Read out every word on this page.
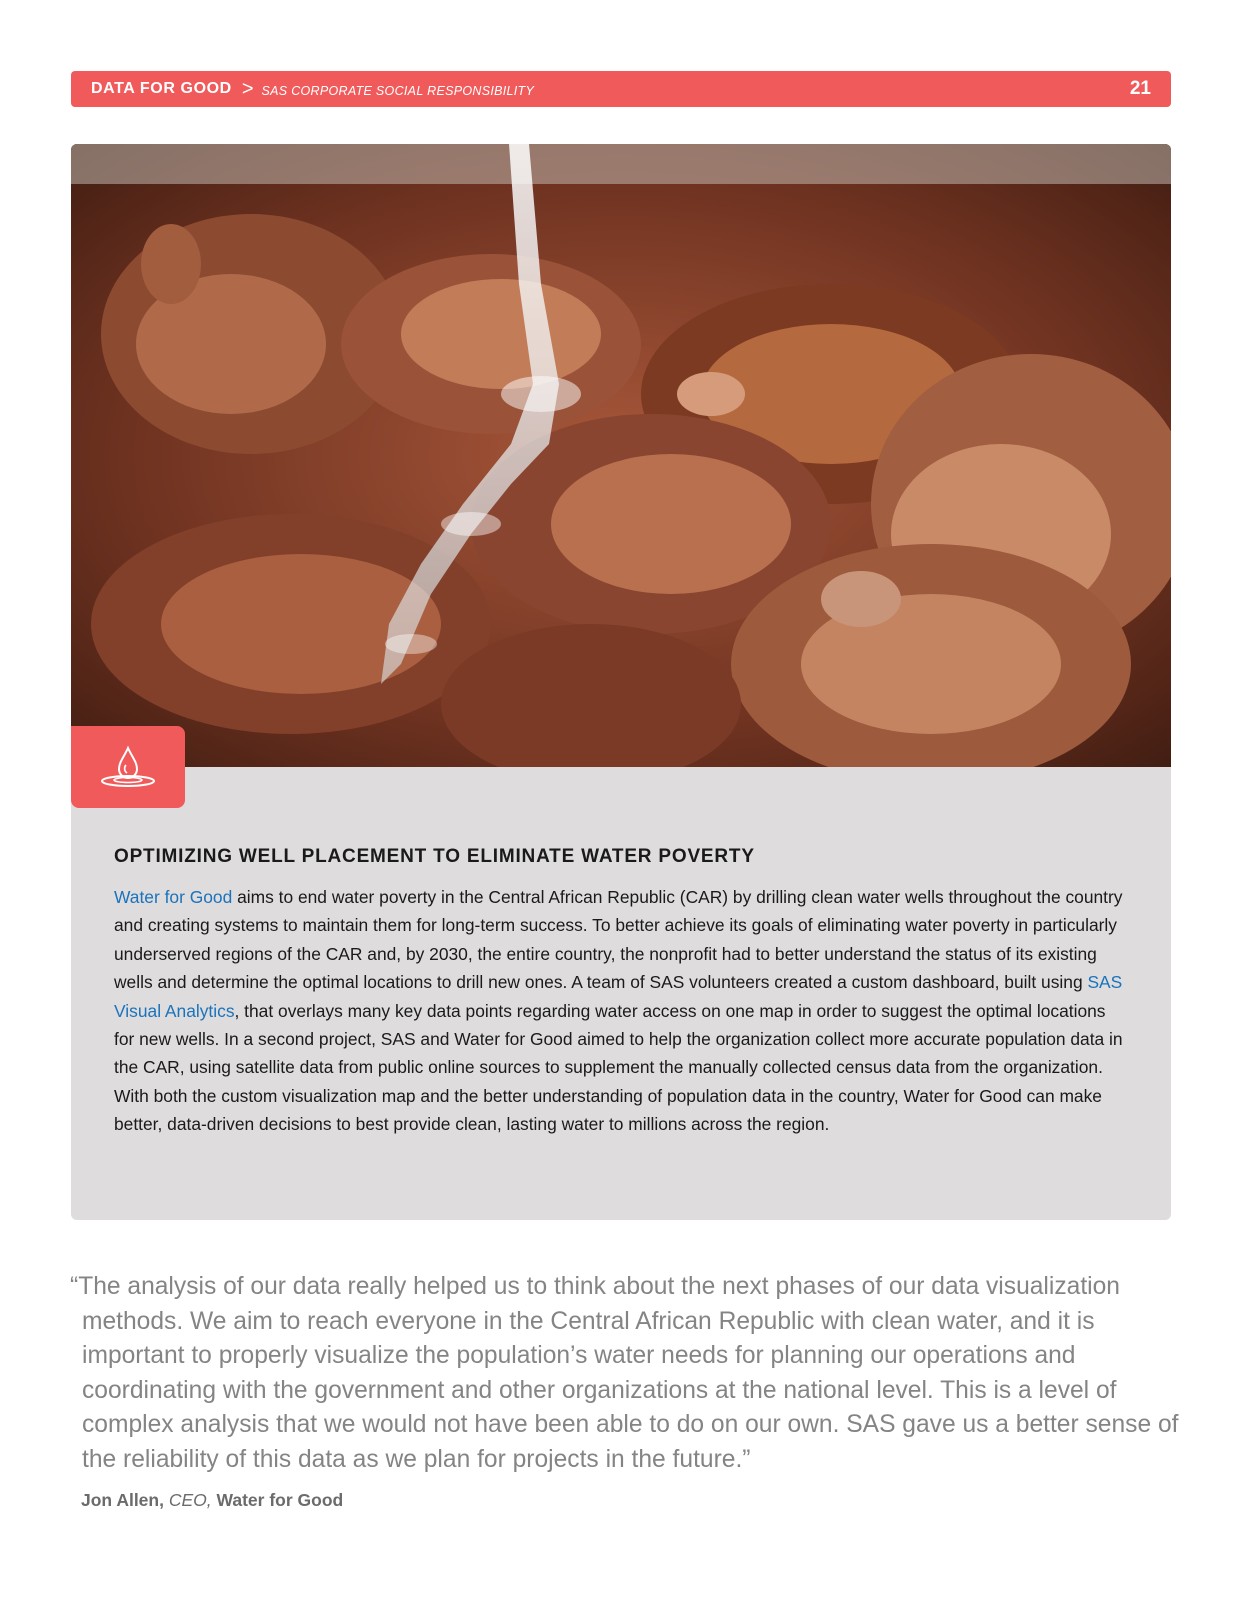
DATA FOR GOOD > SAS CORPORATE SOCIAL RESPONSIBILITY	21
OPTIMIZING WELL PLACEMENT TO ELIMINATE WATER POVERTY

Water for Good aims to end water poverty in the Central African Republic (CAR) by drilling clean water wells throughout the country and creating systems to maintain them for long-term success. To better achieve its goals of eliminating water poverty in particularly underserved regions of the CAR and, by 2030, the entire country, the nonprofit had to better understand the status of its existing wells and determine the optimal locations to drill new ones. A team of SAS volunteers created a custom dashboard, built using SAS Visual Analytics, that overlays many key data points regarding water access on one map in order to suggest the optimal locations for new wells. In a second project, SAS and Water for Good aimed to help the organization collect more accurate population data in the CAR, using satellite data from public online sources to supplement the manually collected census data from the organization. With both the custom visualization map and the better understanding of population data in the country, Water for Good can make better, data-driven decisions to best provide clean, lasting water to millions across the region.

“The analysis of our data really helped us to think about the next phases of our data visualization methods. We aim to reach everyone in the Central African Republic with clean water, and it is important to properly visualize the population’s water needs for planning our operations and coordinating with the government and other organizations at the national level. This is a level of complex analysis that we would not have been able to do on our own. SAS gave us a better sense of the reliability of this data as we plan for projects in the future.”

Jon Allen, CEO, Water for Good
